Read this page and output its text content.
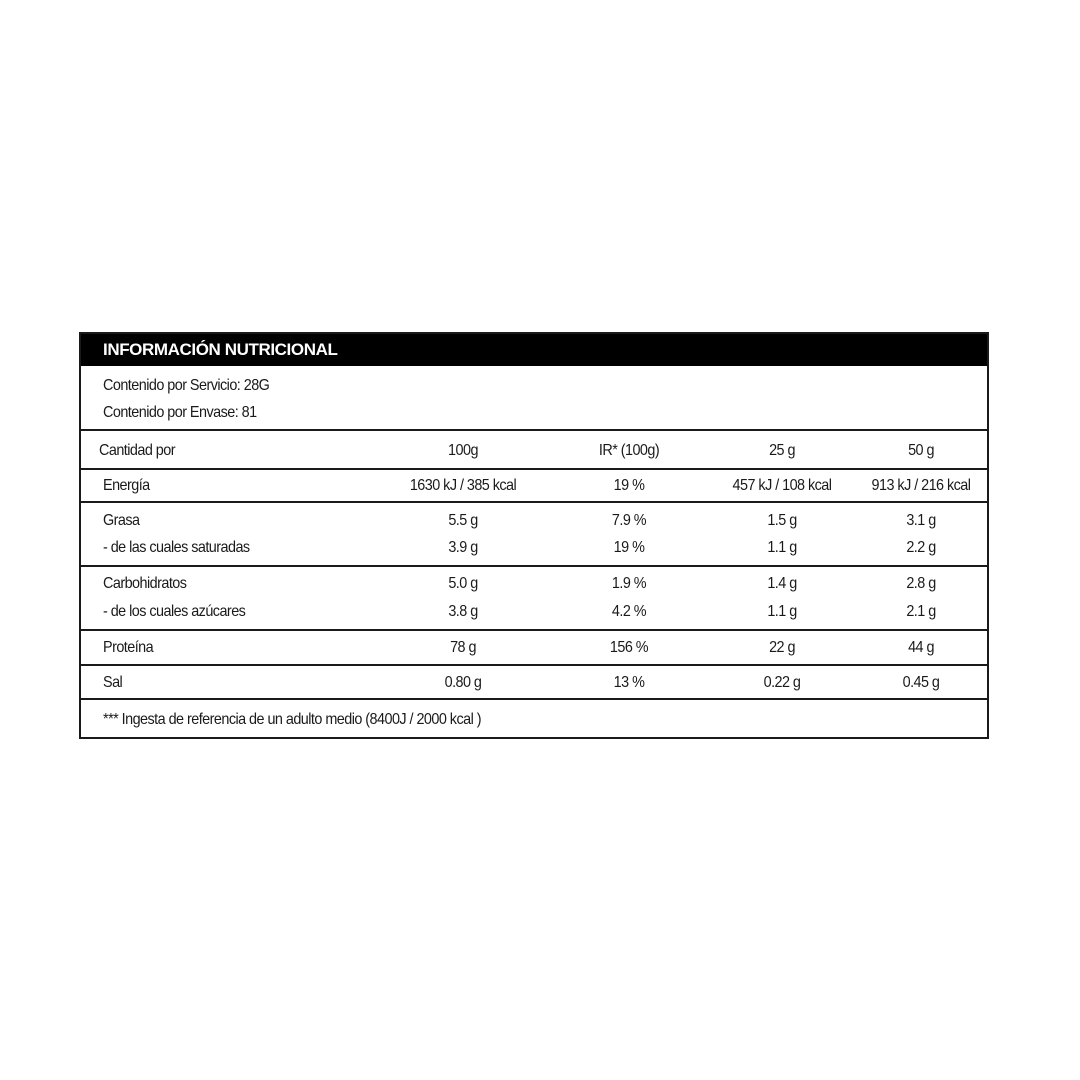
INFORMACIÓN NUTRICIONAL
Contenido por Servicio: 28G
Contenido por Envase: 81
Cantidad por	100g	IR* (100g)	25 g	50 g
Energía	1630 kJ / 385 kcal	19 %	457 kJ / 108 kcal	913 kJ / 216 kcal
Grasa	5.5 g	7.9 %	1.5 g	3.1 g
- de las cuales saturadas	3.9 g	19 %	1.1 g	2.2 g
Carbohidratos	5.0 g	1.9 %	1.4 g	2.8 g
- de los cuales azúcares	3.8 g	4.2 %	1.1 g	2.1 g
Proteína	78 g	156 %	22 g	44 g
Sal	0.80 g	13 %	0.22 g	0.45 g
*** Ingesta de referencia de un adulto medio (8400J / 2000 kcal )
